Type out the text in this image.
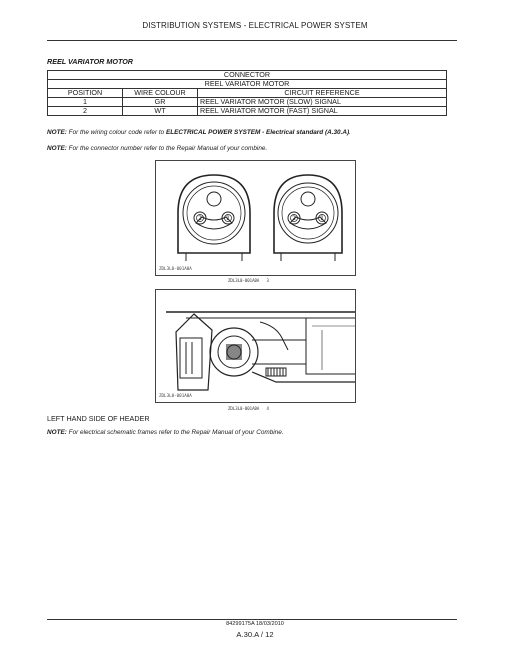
DISTRIBUTION SYSTEMS - ELECTRICAL POWER SYSTEM
REEL VARIATOR MOTOR
CONNECTOR		
REEL VARIATOR MOTOR		
POSITION	WIRE COLOUR	CIRCUIT REFERENCE
1	GR	REEL VARIATOR MOTOR (SLOW) SIGNAL
2	WT	REEL VARIATOR MOTOR (FAST) SIGNAL
NOTE: For the wiring colour code refer to ELECTRICAL POWER SYSTEM - Electrical standard (A.30.A).
NOTE: For the connector number refer to the Repair Manual of your combine.
2	1	2	1
ZDL3L0-001A0A
ZDL3L0-001A0A 3
ZDL3L0-001A0A
ZDL3L0-001A0A 4
LEFT HAND SIDE OF HEADER
NOTE: For electrical schematic frames refer to the Repair Manual of your Combine.
84299175A 18/03/2010
A.30.A / 12
